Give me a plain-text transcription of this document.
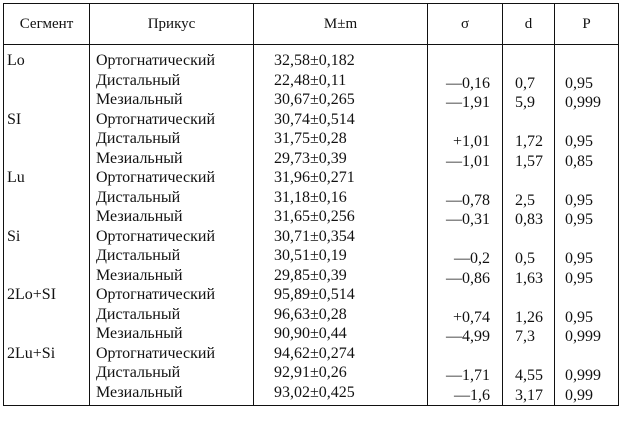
Сегмент	Прикус	M±m	σ	d	P
Lo	Ортогнатический	32,58±0,182			
	Дистальный	22,48±0,11	—0,16	0,7	0,95
	Мезиальный	30,67±0,265	—1,91	5,9	0,999
SI	Ортогнатический	30,74±0,514			
	Дистальный	31,75±0,28	+1,01	1,72	0,95
	Мезиальный	29,73±0,39	—1,01	1,57	0,85
Lu	Ортогнатический	31,96±0,271			
	Дистальный	31,18±0,16	—0,78	2,5	0,95
	Мезиальный	31,65±0,256	—0,31	0,83	0,95
Si	Ортогнатический	30,71±0,354			
	Дистальный	30,51±0,19	—0,2	0,5	0,95
	Мезиальный	29,85±0,39	—0,86	1,63	0,95
2Lo+SI	Ортогнатический	95,89±0,514			
	Дистальный	96,63±0,28	+0,74	1,26	0,95
	Мезиальный	90,90±0,44	—4,99	7,3	0,999
2Lu+Si	Ортогнатический	94,62±0,274			
	Дистальный	92,91±0,26	—1,71	4,55	0,999
	Мезиальный	93,02±0,425	—1,6	3,17	0,99
